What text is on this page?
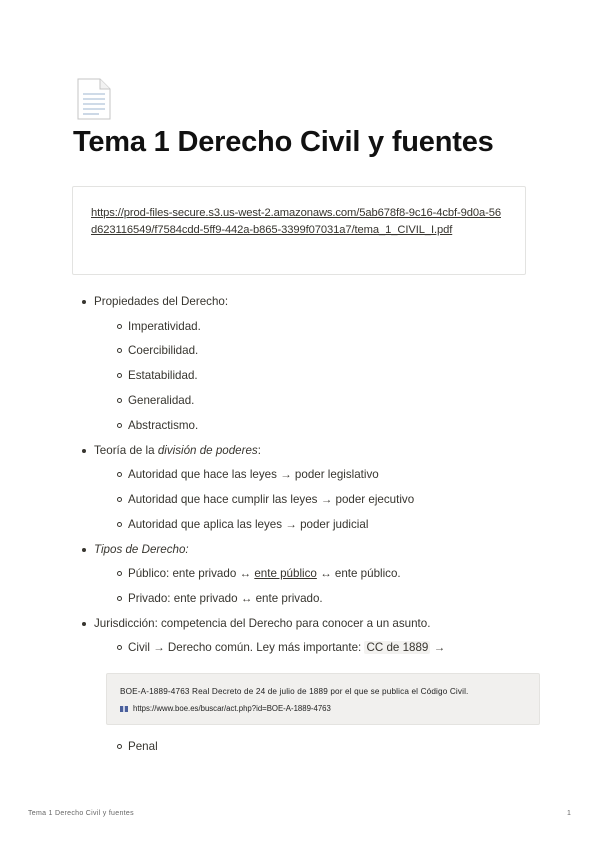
Tema 1 Derecho Civil y fuentes
https://prod-files-secure.s3.us-west-2.amazonaws.com/5ab678f8-9c16-4cbf-9d0a-56d623116549/f7584cdd-5ff9-442a-b865-3399f07031a7/tema_1_CIVIL_I.pdf
Propiedades del Derecho:
Imperatividad.
Coercibilidad.
Estatabilidad.
Generalidad.
Abstractismo.
Teoría de la división de poderes:
Autoridad que hace las leyes → poder legislativo
Autoridad que hace cumplir las leyes → poder ejecutivo
Autoridad que aplica las leyes → poder judicial
Tipos de Derecho:
Público: ente privado ↔ ente público ↔ ente público.
Privado: ente privado ↔ ente privado.
Jurisdicción: competencia del Derecho para conocer a un asunto.
Civil → Derecho común. Ley más importante: CC de 1889 →
BOE-A-1889-4763 Real Decreto de 24 de julio de 1889 por el que se publica el Código Civil.
https://www.boe.es/buscar/act.php?id=BOE-A-1889-4763
Penal
Tema 1 Derecho Civil y fuentes	1
